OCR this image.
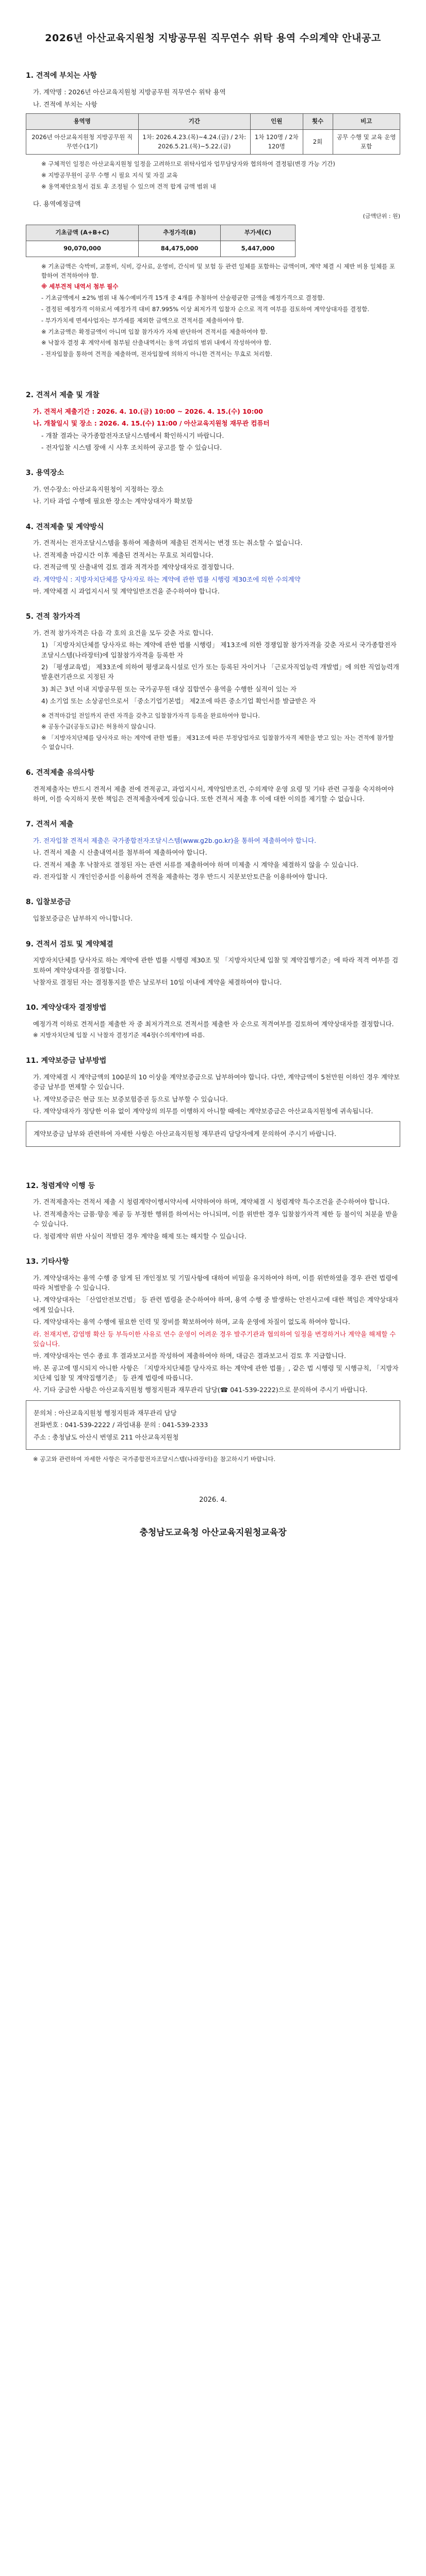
2026년 아산교육지원청 지방공무원 직무연수 위탁 용역 수의계약 안내공고
1. 견적에 부치는 사항

가. 계약명 : 2026년 아산교육지원청 지방공무원 직무연수 위탁 용역

나. 견적에 부치는 사항

용역명	기간	인원	횟수	비고
2026년 아산교육지원청 지방공무원 직무연수(1기)	1차: 2026.4.23.(목)~4.24.(금) / 2차: 2026.5.21.(목)~5.22.(금)	1차 120명 / 2차 120명	2회	공무 수행 및 교육 운영포함

※ 구체적인 일정은 아산교육지원청 일정을 고려하므로 위탁사업자 업무담당자와 협의하여 결정됨(변경 가능 기간)

※ 지방공무원이 공무 수행 시 필요 지식 및 자질 교육

※ 용역제안요청서 검토 후 조정될 수 있으며 견적 합계 금액 범위 내

다. 용역예정금액

(금액단위 : 원)
기초금액 (A+B+C)	추정가격(B)	부가세(C)
90,070,000	84,475,000	5,447,000

※ 기초금액은 숙박비, 교통비, 식비, 강사료, 운영비, 간식비 및 보험 등 관련 일체를 포함하는 금액이며, 계약 체결 시 제반 비용 일체를 포함하여 견적하여야 함.

※ 세부견적 내역서 첨부 필수

- 기초금액에서 ±2% 범위 내 복수예비가격 15개 중 4개를 추첨하여 산술평균한 금액을 예정가격으로 결정함.

- 결정된 예정가격 이하로서 예정가격 대비 87.995% 이상 최저가격 입찰자 순으로 적격 여부를 검토하여 계약상대자를 결정함.

- 부가가치세 면세사업자는 부가세를 제외한 금액으로 견적서를 제출하여야 함.

※ 기초금액은 확정금액이 아니며 입찰 참가자가 자체 판단하여 견적서를 제출하여야 함.

※ 낙찰자 결정 후 계약서에 첨부될 산출내역서는 용역 과업의 범위 내에서 작성하여야 함.

- 전자입찰을 통하여 견적을 제출하며, 전자입찰에 의하지 아니한 견적서는 무효로 처리함.

2. 견적서 제출 및 개찰

가. 견적서 제출기간 : 2026. 4. 10.(금) 10:00 ~ 2026. 4. 15.(수) 10:00

나. 개찰일시 및 장소 : 2026. 4. 15.(수) 11:00 / 아산교육지원청 재무관 컴퓨터

- 개찰 결과는 국가종합전자조달시스템에서 확인하시기 바랍니다.

- 전자입찰 시스템 장애 시 사후 조치하여 공고를 할 수 있습니다.

3. 용역장소

가. 연수장소: 아산교육지원청이 지정하는 장소

나. 기타 과업 수행에 필요한 장소는 계약상대자가 확보함

4. 견적제출 및 계약방식

가. 견적서는 전자조달시스템을 통하여 제출하며 제출된 견적서는 변경 또는 취소할 수 없습니다.

나. 견적제출 마감시간 이후 제출된 견적서는 무효로 처리합니다.

다. 견적금액 및 산출내역 검토 결과 적격자를 계약상대자로 결정합니다.

라. 계약방식 : 지방자치단체를 당사자로 하는 계약에 관한 법률 시행령 제30조에 의한 수의계약

마. 계약체결 시 과업지시서 및 계약일반조건을 준수하여야 합니다.

5. 견적 참가자격

가. 견적 참가자격은 다음 각 호의 요건을 모두 갖춘 자로 합니다.

1) 「지방자치단체를 당사자로 하는 계약에 관한 법률 시행령」 제13조에 의한 경쟁입찰 참가자격을 갖춘 자로서 국가종합전자조달시스템(나라장터)에 입찰참가자격을 등록한 자

2) 「평생교육법」 제33조에 의하여 평생교육시설로 인가 또는 등록된 자이거나 「근로자직업능력 개발법」에 의한 직업능력개발훈련기관으로 지정된 자

3) 최근 3년 이내 지방공무원 또는 국가공무원 대상 집합연수 용역을 수행한 실적이 있는 자

4) 소기업 또는 소상공인으로서 「중소기업기본법」 제2조에 따른 중소기업 확인서를 발급받은 자

※ 견적마감일 전일까지 관련 자격을 갖추고 입찰참가자격 등록을 완료하여야 합니다.

※ 공동수급(공동도급)은 허용하지 않습니다.

※ 「지방자치단체를 당사자로 하는 계약에 관한 법률」 제31조에 따른 부정당업자로 입찰참가자격 제한을 받고 있는 자는 견적에 참가할 수 없습니다.

6. 견적제출 유의사항

견적제출자는 반드시 견적서 제출 전에 견적공고, 과업지시서, 계약일반조건, 수의계약 운영 요령 및 기타 관련 규정을 숙지하여야 하며, 이를 숙지하지 못한 책임은 견적제출자에게 있습니다. 또한 견적서 제출 후 이에 대한 이의를 제기할 수 없습니다.

7. 견적서 제출

가. 전자입찰 견적서 제출은 국가종합전자조달시스템(www.g2b.go.kr)을 통하여 제출하여야 합니다.

나. 견적서 제출 시 산출내역서를 첨부하여 제출하여야 합니다.

다. 견적서 제출 후 낙찰자로 결정된 자는 관련 서류를 제출하여야 하며 미제출 시 계약을 체결하지 않을 수 있습니다.

라. 전자입찰 시 개인인증서를 이용하여 견적을 제출하는 경우 반드시 지문보안토큰을 이용하여야 합니다.

8. 입찰보증금

입찰보증금은 납부하지 아니합니다.

9. 견적서 검토 및 계약체결

지방자치단체를 당사자로 하는 계약에 관한 법률 시행령 제30조 및 「지방자치단체 입찰 및 계약집행기준」에 따라 적격 여부를 검토하여 계약상대자를 결정합니다.

낙찰자로 결정된 자는 결정통지를 받은 날로부터 10일 이내에 계약을 체결하여야 합니다.

10. 계약상대자 결정방법

예정가격 이하로 견적서를 제출한 자 중 최저가격으로 견적서를 제출한 자 순으로 적격여부를 검토하여 계약상대자를 결정합니다.

※ 지방자치단체 입찰 시 낙찰자 결정기준 제4장(수의계약)에 따름.

11. 계약보증금 납부방법

가. 계약체결 시 계약금액의 100분의 10 이상을 계약보증금으로 납부하여야 합니다. 다만, 계약금액이 5천만원 이하인 경우 계약보증금 납부를 면제할 수 있습니다.

나. 계약보증금은 현금 또는 보증보험증권 등으로 납부할 수 있습니다.

다. 계약상대자가 정당한 이유 없이 계약상의 의무를 이행하지 아니할 때에는 계약보증금은 아산교육지원청에 귀속됩니다.

계약보증금 납부와 관련하여 자세한 사항은 아산교육지원청 재무관리 담당자에게 문의하여 주시기 바랍니다.

12. 청렴계약 이행 등

가. 견적제출자는 견적서 제출 시 청렴계약이행서약서에 서약하여야 하며, 계약체결 시 청렴계약 특수조건을 준수하여야 합니다.

나. 견적제출자는 금품·향응 제공 등 부정한 행위를 하여서는 아니되며, 이를 위반한 경우 입찰참가자격 제한 등 불이익 처분을 받을 수 있습니다.

다. 청렴계약 위반 사실이 적발된 경우 계약을 해제 또는 해지할 수 있습니다.

13. 기타사항

가. 계약상대자는 용역 수행 중 알게 된 개인정보 및 기밀사항에 대하여 비밀을 유지하여야 하며, 이를 위반하였을 경우 관련 법령에 따라 처벌받을 수 있습니다.

나. 계약상대자는 「산업안전보건법」 등 관련 법령을 준수하여야 하며, 용역 수행 중 발생하는 안전사고에 대한 책임은 계약상대자에게 있습니다.

다. 계약상대자는 용역 수행에 필요한 인력 및 장비를 확보하여야 하며, 교육 운영에 차질이 없도록 하여야 합니다.

라. 천재지변, 감염병 확산 등 부득이한 사유로 연수 운영이 어려운 경우 발주기관과 협의하여 일정을 변경하거나 계약을 해제할 수 있습니다.

마. 계약상대자는 연수 종료 후 결과보고서를 작성하여 제출하여야 하며, 대금은 결과보고서 검토 후 지급합니다.

바. 본 공고에 명시되지 아니한 사항은 「지방자치단체를 당사자로 하는 계약에 관한 법률」, 같은 법 시행령 및 시행규칙, 「지방자치단체 입찰 및 계약집행기준」 등 관계 법령에 따릅니다.

사. 기타 궁금한 사항은 아산교육지원청 행정지원과 재무관리 담당(☎ 041-539-2222)으로 문의하여 주시기 바랍니다.

문의처 : 아산교육지원청 행정지원과 재무관리 담당

전화번호 : 041-539-2222 / 과업내용 문의 : 041-539-2333

주소 : 충청남도 아산시 번영로 211 아산교육지원청

※ 공고와 관련하여 자세한 사항은 국가종합전자조달시스템(나라장터)을 참고하시기 바랍니다.

2026. 4.
충청남도교육청 아산교육지원청교육장
